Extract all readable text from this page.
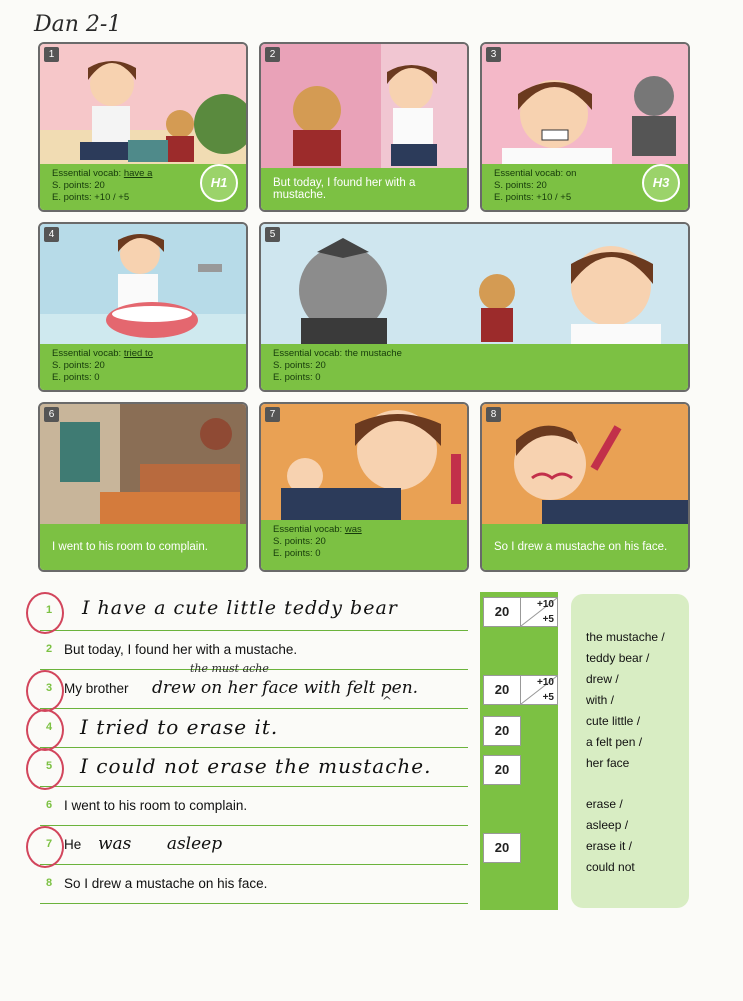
Dan 2-1
1
Essential vocab: have a
S. points: 20
E. points: +10 / +5
H1
2
But today, I found her with a mustache.
3
Essential vocab: on
S. points: 20
E. points: +10 / +5
H3
4
Essential vocab: tried to
S. points: 20
E. points: 0
5
Essential vocab: the mustache
S. points: 20
E. points: 0
6
I went to his room to complain.
7
Essential vocab: was
S. points: 20
E. points: 0
8
So I drew a mustache on his face.
1 I have a cute little teddy bear
2 But today, I found her with a mustache.
3 My brother drew on her face with felt pen.
the must ache
^
4 I tried to erase it.
5 I could not erase the mustache.
6 I went to his room to complain.
7 He was asleep
8 So I drew a mustache on his face.
20	+10
+5
20	+10
+5
20
20
20
the mustache /
teddy bear /
drew /
with /
cute little /
a felt pen /
her face
erase /
asleep /
erase it /
could not
